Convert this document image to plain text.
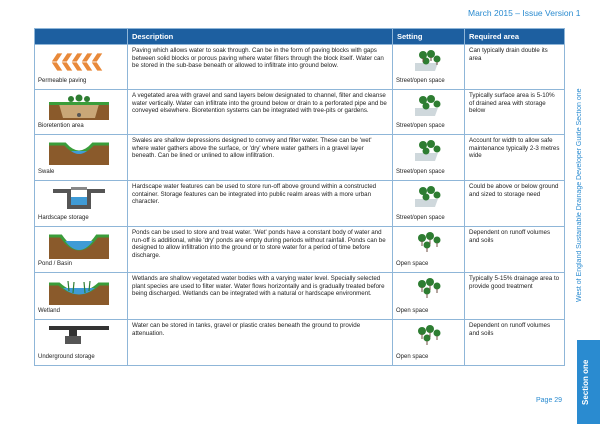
March 2015 – Issue Version 1
West of England Sustainable Drainage Developer Guide Section one
Section one
Page 29
	Description	Setting	Required area

Permeable paving	Paving which allows water to soak through. Can be in the form of paving blocks with gaps between solid blocks or porous paving where water filters through the block itself. Water can be stored in the sub-base beneath or allowed to infiltrate into ground below.	Street/open space	Can typically drain double its area

Bioretention area	A vegetated area with gravel and sand layers below designated to channel, filter and cleanse water vertically. Water can infiltrate into the ground below or drain to a perforated pipe and be conveyed elsewhere. Bioretention systems can be integrated with tree-pits or gardens.	Street/open space	Typically surface area is 5-10% of drained area with storage below

Swale	Swales are shallow depressions designed to convey and filter water. These can be 'wet' where water gathers above the surface, or 'dry' where water gathers in a gravel layer beneath. Can be lined or unlined to allow infiltration.	Street/open space	Account for width to allow safe maintenance typically 2-3 metres wide

Hardscape storage	Hardscape water features can be used to store run-off above ground within a constructed container. Storage features can be integrated into public realm areas with a more urban character.	Street/open space	Could be above or below ground and sized to storage need

Pond / Basin	Ponds can be used to store and treat water. 'Wet' ponds have a constant body of water and run-off is additional, while 'dry' ponds are empty during periods without rainfall. Ponds can be designed to allow infiltration into the ground or to store water for a period of time before discharge.	Open space	Dependent on runoff volumes and soils

Wetland	Wetlands are shallow vegetated water bodies with a varying water level. Specially selected plant species are used to filter water. Water flows horizontally and is gradually treated before being discharged. Wetlands can be integrated with a natural or hardscape environment.	Open space	Typically 5-15% drainage area to provide good treatment

Underground storage	Water can be stored in tanks, gravel or plastic crates beneath the ground to provide attenuation.	Open space	Dependent on runoff volumes and soils
